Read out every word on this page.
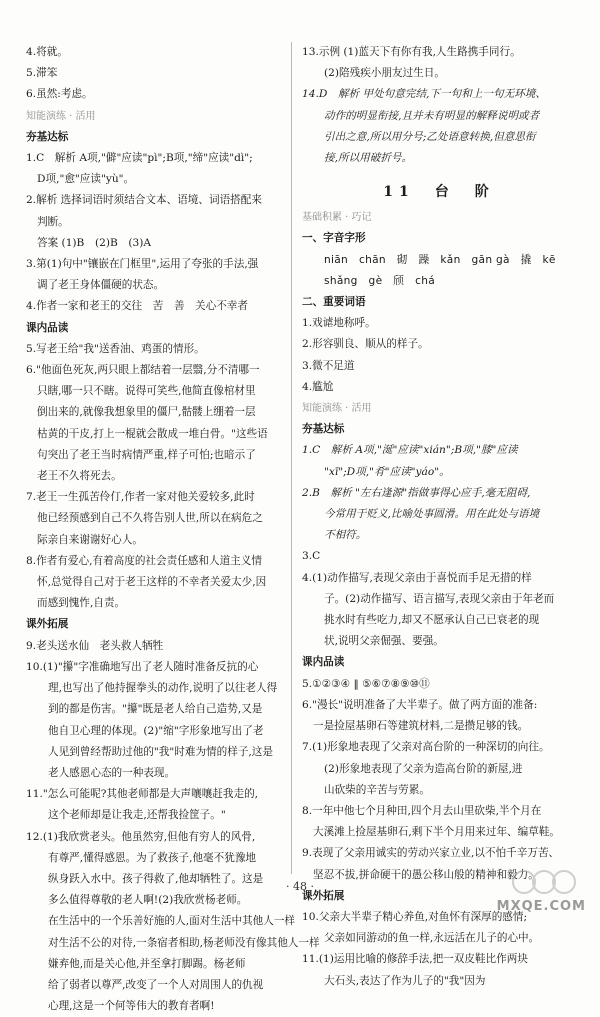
4.将就。
5.滞笨
6.虽然:考虑。
知能演练 · 活用
夯基达标
1.C　解析 A项,"僻"应读"pì";B项,"缔"应读"dì";
D项,"愈"应读"yù"。
2.解析 选择词语时须结合文本、语境、词语搭配来
判断。
答案 (1)B　(2)B　(3)A
3.第(1)句中"镶嵌在门框里",运用了夸张的手法,强
调了老王身体僵硬的状态。
4.作者一家和老王的交往　苦　善　关心不幸者
课内品读
5.写老王给"我"送香油、鸡蛋的情形。
6."他面色死灰,两只眼上都结着一层翳,分不清哪一
只瞎,哪一只不瞎。说得可笑些,他简直像棺材里
倒出来的,就像我想象里的僵尸,骷髅上绷着一层
枯黄的干皮,打上一棍就会散成一堆白骨。"这些语
句突出了老王当时病情严重,样子可怕;也暗示了
老王不久将死去。
7.老王一生孤苦伶仃,作者一家对他关爱较多,此时
他已经预感到自己不久将告别人世,所以在病危之
际亲自来谢谢好心人。
8.作者有爱心,有着高度的社会责任感和人道主义情
怀,总觉得自己对于老王这样的不幸者关爱太少,因
而感到愧怍,自责。
课外拓展
9.老头送水仙　老头救人牺牲
10.(1)"攥"字准确地写出了老人随时准备反抗的心
理,也写出了他持握拳头的动作,说明了以往老人得
到的都是伤害。"攥"既是老人给自己造势,又是
他自卫心理的体现。(2)"缩"字形象地写出了老
人见到曾经帮助过他的"我"时难为情的样子,这是
老人感恩心态的一种表现。
11."怎么可能呢?其他老师都是大声嚷嚷赶我走的,
这个老师却是让我走,还帮我捡筐子。"
12.(1)我欣赏老头。他虽然穷,但他有穷人的风骨,
有尊严,懂得感恩。为了救孩子,他毫不犹豫地
纵身跃入水中。孩子得救了,他却牺牲了。这是
多么值得尊敬的老人啊!(2)我欣赏杨老师。
在生活中的一个乐善好施的人,面对生活中其他人一样
对生活不公的对待,一条宿者相助,杨老师没有像其他人一样
嫌弃他,而是关心他,并至拿打脚踢。杨老师
给了弱者以尊严,改变了一个人对周围人的仇视
心理,这是一个何等伟大的教育者啊!
13.示例 (1)蓝天下有你有我,人生路携手同行。
(2)陪残疾小朋友过生日。
14.D　解析 甲处句意完结,下一句和上一句无环境、
动作的明显衔接,且并未有明显的解释说明或者
引出之意,所以用分号;乙处语意转换,但意思衔
接,所以用破折号。
11　台　阶
基础积累 · 巧记
一、字音字形
niān　chān　砌　躁　kǎn　gān gà　撬　kē
shǎng　gè　颀　chá
二、重要词语
1.戏谑地称呼。
2.形容驯良、顺从的样子。
3.微不足道
4.尴尬
知能演练 · 活用
夯基达标
1.C　解析 A项,"涎"应读"xián";B项,"膝"应读
"xī";D项,"肴"应读"yáo"。
2.B　解析 "左右逢源"指做事得心应手,毫无阻碍,
今常用于贬义,比喻处事圆滑。用在此处与语境
不相符。
3.C
4.(1)动作描写,表现父亲由于喜悦而手足无措的样
子。(2)动作描写、语言描写,表现父亲由于年老而
挑水时有些吃力,却又不愿承认自己已衰老的现
状,说明父亲倔强、要强。
课内品读
5.①②③④ ‖ ⑤⑥⑦⑧⑨⑩⑪
6."漫长"说明准备了大半辈子。做了两方面的准备:
一是捡屋基卵石等建筑材料,二是攒足够的钱。
7.(1)形象地表现了父亲对高台阶的一种深切的向往。
(2)形象地表现了父亲为造高台阶的新屋,进
山砍柴的辛苦与劳累。
8.一年中他七个月种田,四个月去山里砍柴,半个月在
大溪滩上捡屋基卵石,剩下半个月用来过年、编草鞋。
9.表现了父亲用诚实的劳动兴家立业,以不怕千辛万苦、
坚忍不拔,拼命硬干的愚公移山般的精神和毅力。
课外拓展
10.父亲大半辈子精心养鱼,对鱼怀有深厚的感情;
父亲如同游动的鱼一样,永远活在儿子的心中。
11.(1)运用比喻的修辞手法,把一双皮鞋比作两块
大石头,表达了作为儿子的"我"因为
· 48 ·
MXQE.COM
